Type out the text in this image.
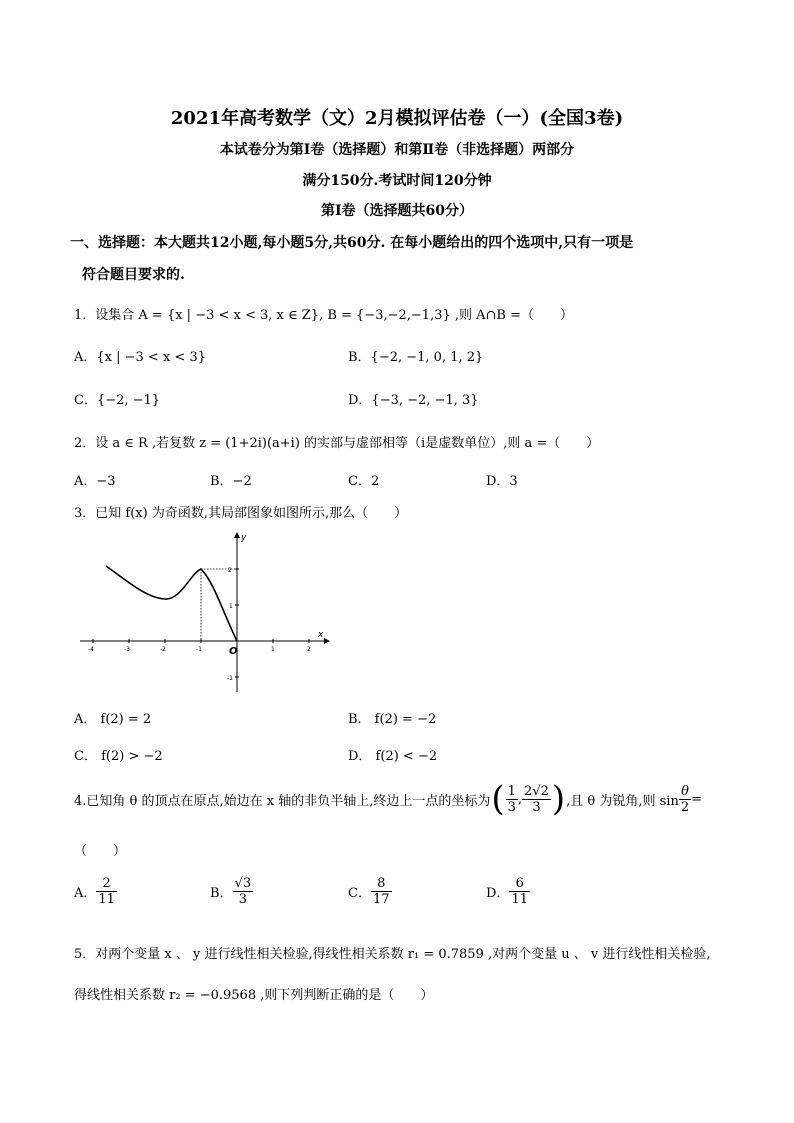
2021年高考数学（文）2月模拟评估卷（一）(全国3卷)
本试卷分为第Ⅰ卷（选择题）和第Ⅱ卷（非选择题）两部分
满分150分.考试时间120分钟
第Ⅰ卷（选择题共60分）
一、选择题：本大题共12小题,每小题5分,共60分. 在每小题给出的四个选项中,只有一项是
符合题目要求的.
1．设集合 A = {x | −3 < x < 3, x ∈ Z}, B = {−3,−2,−1,3} ,则 A∩B =（　　）
A．{x | −3 < x < 3}	B．{−2, −1, 0, 1, 2}
C．{−2, −1}	D．{−3, −2, −1, 3}
2．设 a ∈ R ,若复数 z = (1+2i)(a+i) 的实部与虚部相等（i是虚数单位）,则 a =（　　）
A．−3	B．−2	C．2	D．3
3．已知 f(x) 为奇函数,其局部图象如图所示,那么（　　）
x
y
O
-4	-3	-2	-1	1	2
2
1
-1
A． f(2) = 2	B． f(2) = −2
C． f(2) > −2	D． f(2) < −2
4.已知角 θ 的顶点在原点,始边在 x 轴的非负半轴上,终边上一点的坐标为 ( $\frac{1}{3}$ , $\frac{2√2}{3}$ ) ,且 θ 为锐角,则 $\sin \frac{\theta}{2}$ =
（　　）
A． $\frac{2}{11}$	B． $\frac{√3}{3}$	C． $\frac{8}{17}$	D． $\frac{6}{11}$
5．对两个变量 x 、 y 进行线性相关检验,得线性相关系数 r₁ = 0.7859 ,对两个变量 u 、 v 进行线性相关检验,
得线性相关系数 r₂ = −0.9568 ,则下列判断正确的是（　　）
